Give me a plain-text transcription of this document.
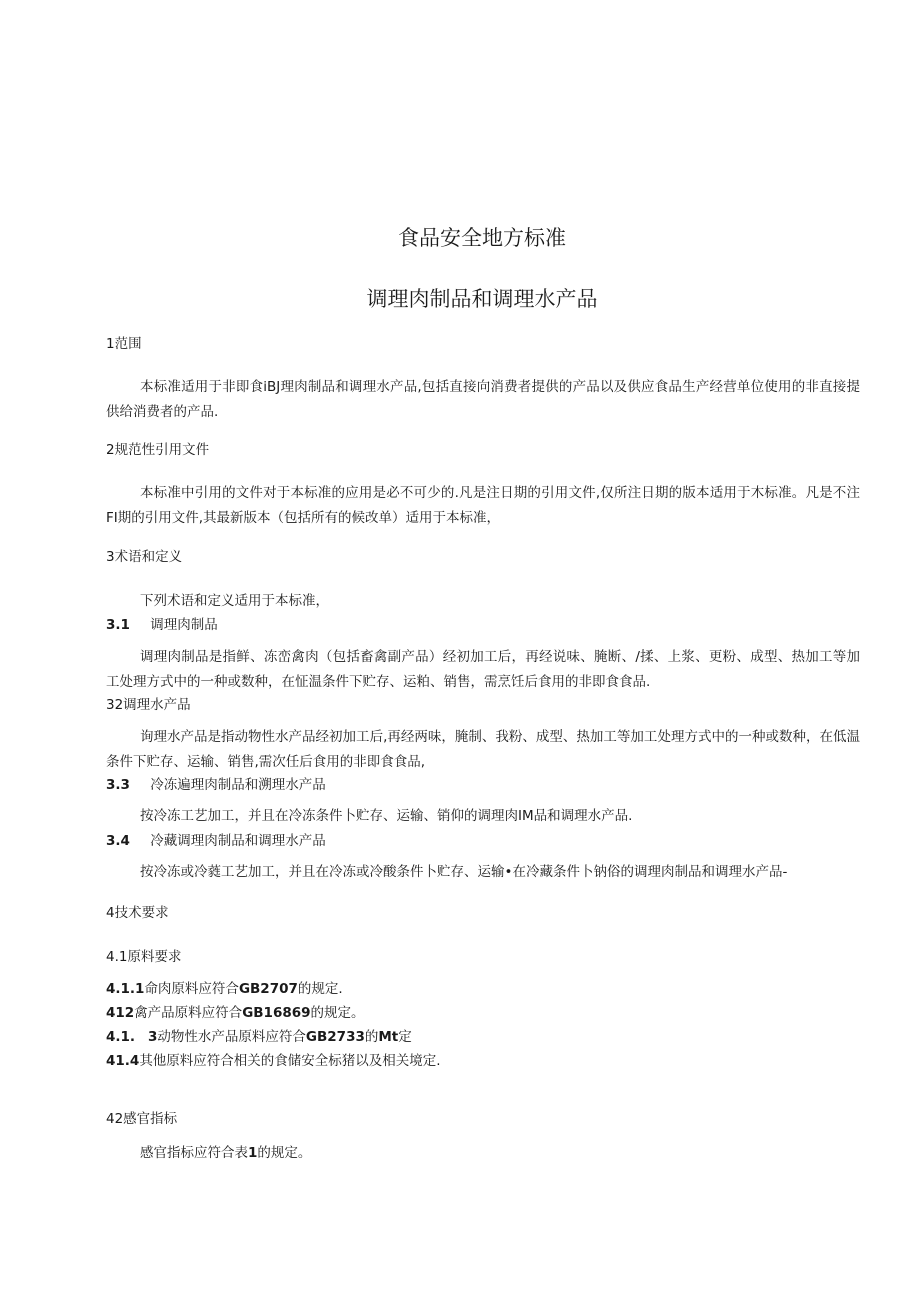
食品安全地方标准
调理肉制品和调理水产品
1范围
本标准适用于非即食iBJ理肉制品和调理水产品,包括直接向消费者提供的产品以及供应食品生产经营单位使用的非直接提供给消费者的产品.
2规范性引用文件
本标准中引用的文件对于本标准的应用是必不可少的.凡是注日期的引用文件,仅所注日期的版本适用于木标准。凡是不注FI期的引用文件,其最新版本（包括所有的候改单）适用于本标准，
3术语和定义
下列术语和定义适用于本标准，
3.1 调理肉制品
调理肉制品是指鲜、冻峦禽肉（包括畜禽副产品）经初加工后，再经说味、腌断、/揉、上浆、更粉、成型、热加工等加工处理方式中的一种或数种，在怔温条件下贮存、运粕、销售，需烹饪后食用的非即食食品.
32调理水产品
询理水产品是指动物性水产品经初加工后,再经两味，腌制、我粉、成型、热加工等加工处理方式中的一种或数种，在低温条件下贮存、运输、销售,需次任后食用的非即食食品,
3.3 冷冻遍理肉制品和溯理水产品
按冷冻工艺加工，并且在冷冻条件卜贮存、运输、销仰的调理肉IM品和调理水产品.
3.4 冷藏调理肉制品和调理水产品
按冷冻或冷蕤工艺加工，并且在冷冻或冷酸条件卜贮存、运输•在冷藏条件卜钠俗的调理肉制品和调理水产品-
4技术要求
4.1原料要求
4.1.1命肉原料应符合GB2707的规定.
412禽产品原料应符合GB16869的规定。
4.1. 3动物性水产品原料应符合GB2733的Mt定
41.4其他原料应符合相关的食储安全标猪以及相关境定.
42感官指标
感官指标应符合表1的规定。
